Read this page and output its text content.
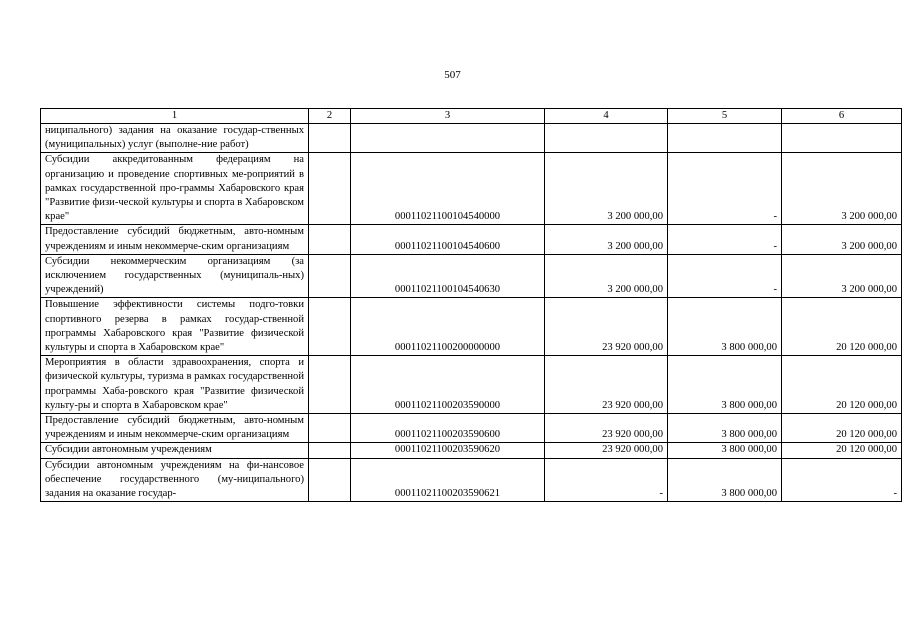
507
1	2	3	4	5	6
ниципального) задания на оказание государ-ственных (муниципальных) услуг (выполне-ние работ)					
Субсидии аккредитованным федерациям на организацию и проведение спортивных ме-роприятий в рамках государственной про-граммы Хабаровского края "Развитие физи-ческой культуры и спорта в Хабаровском крае"		00011021100104540000	3 200 000,00	-	3 200 000,00
Предоставление субсидий бюджетным, авто-номным учреждениям и иным некоммерче-ским организациям		00011021100104540600	3 200 000,00	-	3 200 000,00
Субсидии некоммерческим организациям (за исключением государственных (муниципаль-ных) учреждений)		00011021100104540630	3 200 000,00	-	3 200 000,00
Повышение эффективности системы подго-товки спортивного резерва в рамках государ-ственной программы Хабаровского края "Развитие физической культуры и спорта в Хабаровском крае"		00011021100200000000	23 920 000,00	3 800 000,00	20 120 000,00
Мероприятия в области здравоохранения, спорта и физической культуры, туризма в рамках государственной программы Хаба-ровского края "Развитие физической культу-ры и спорта в Хабаровском крае"		00011021100203590000	23 920 000,00	3 800 000,00	20 120 000,00
Предоставление субсидий бюджетным, авто-номным учреждениям и иным некоммерче-ским организациям		00011021100203590600	23 920 000,00	3 800 000,00	20 120 000,00
Субсидии автономным учреждениям		00011021100203590620	23 920 000,00	3 800 000,00	20 120 000,00
Субсидии автономным учреждениям на фи-нансовое обеспечение государственного (му-ниципального) задания на оказание государ-		00011021100203590621	-	3 800 000,00	-
